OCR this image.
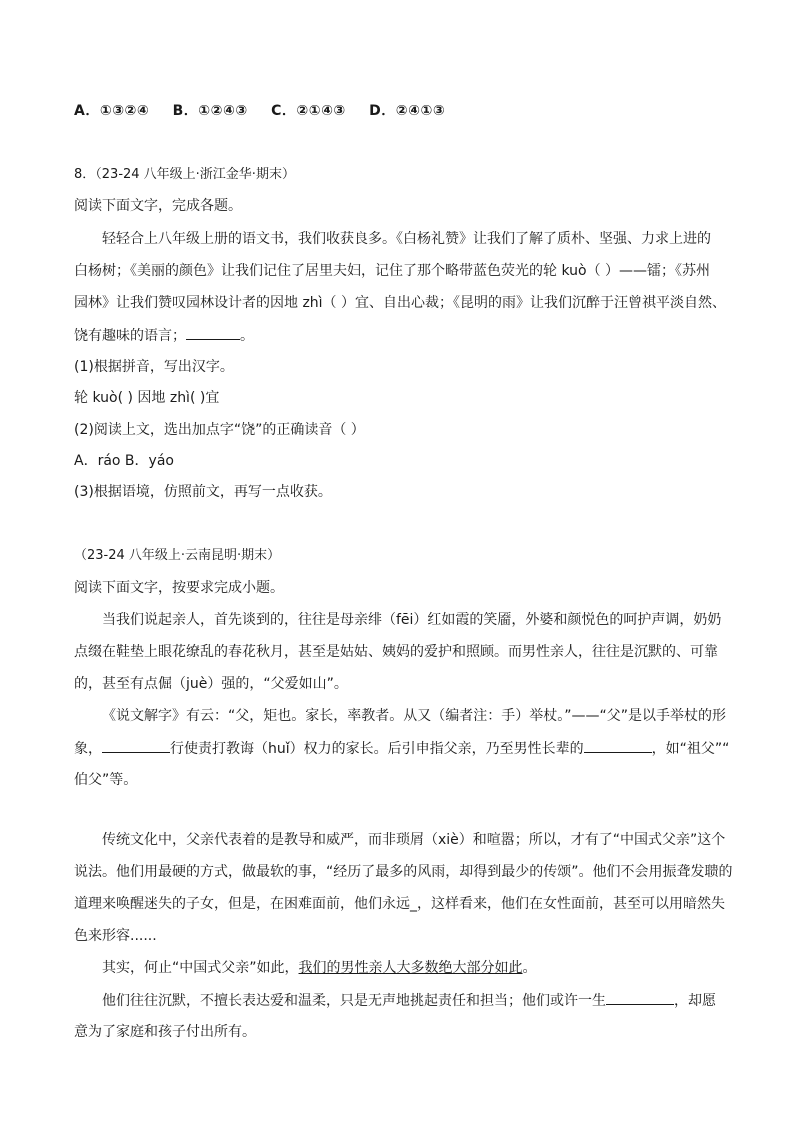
A．①③②④ B．①②④③ C．②①④③ D．②④①③
8．（23-24 八年级上·浙江金华·期末）
阅读下面文字，完成各题。
轻轻合上八年级上册的语文书，我们收获良多。《白杨礼赞》让我们了解了质朴、坚强、力求上进的
白杨树；《美丽的颜色》让我们记住了居里夫妇，记住了那个略带蓝色荧光的轮 kuò（ ）——镭；《苏州
园林》让我们赞叹园林设计者的因地 zhì（ ）宜、自出心裁；《昆明的雨》让我们沉醉于汪曾祺平淡自然、
饶有趣味的语言；	。
(1)根据拼音，写出汉字。
轮 kuò( ) 因地 zhì( )宜
(2)阅读上文，选出加点字“饶”的正确读音（ ）
A．ráo B．yáo
(3)根据语境，仿照前文，再写一点收获。
（23-24 八年级上·云南昆明·期末）
阅读下面文字，按要求完成小题。
当我们说起亲人，首先谈到的，往往是母亲绯（fēi）红如霞的笑靥，外婆和颜悦色的呵护声调，奶奶
点缀在鞋垫上眼花缭乱的春花秋月，甚至是姑姑、姨妈的爱护和照顾。而男性亲人，往往是沉默的、可靠
的，甚至有点倔（juè）强的，“父爱如山”。
《说文解字》有云：“父，矩也。家长，率教者。从又（编者注：手）举杖。”——“父”是以手举杖的形
象，	行使责打教诲（huǐ）权力的家长。后引申指父亲，乃至男性长辈的	，如“祖父”“
伯父”等。
传统文化中，父亲代表着的是教导和威严，而非琐屑（xiè）和喧嚣；所以，才有了“中国式父亲”这个
说法。他们用最硬的方式，做最软的事，“经历了最多的风雨，却得到最少的传颂”。他们不会用振聋发聩的
道理来唤醒迷失的子女，但是，在困难面前，他们永远_，这样看来，他们在女性面前，甚至可以用暗然失
色来形容......
其实，何止“中国式父亲”如此，我们的男性亲人大多数绝大部分如此。
他们往往沉默，不擅长表达爱和温柔，只是无声地挑起责任和担当；他们或许一生	，却愿
意为了家庭和孩子付出所有。
